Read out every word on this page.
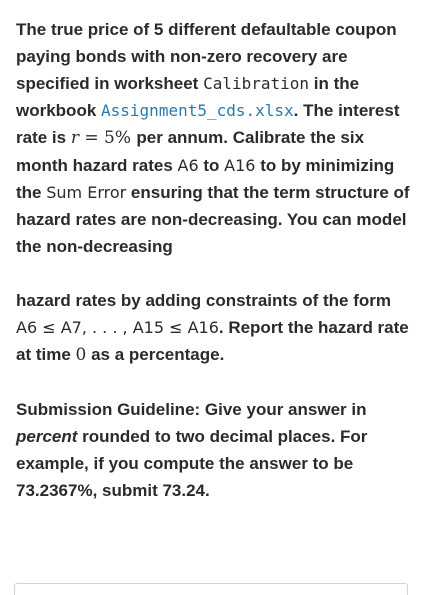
The true price of 5 different defaultable coupon paying bonds with non-zero recovery are specified in worksheet Calibration in the workbook Assignment5_cds.xlsx. The interest rate is r = 5% per annum. Calibrate the six month hazard rates A6 to A16 to by minimizing the Sum Error ensuring that the term structure of hazard rates are non-decreasing. You can model the non-decreasing

hazard rates by adding constraints of the form A6 ≤ A7, . . . , A15 ≤ A16. Report the hazard rate at time 0 as a percentage.

Submission Guideline: Give your answer in percent rounded to two decimal places. For example, if you compute the answer to be 73.2367%, submit 73.24.
